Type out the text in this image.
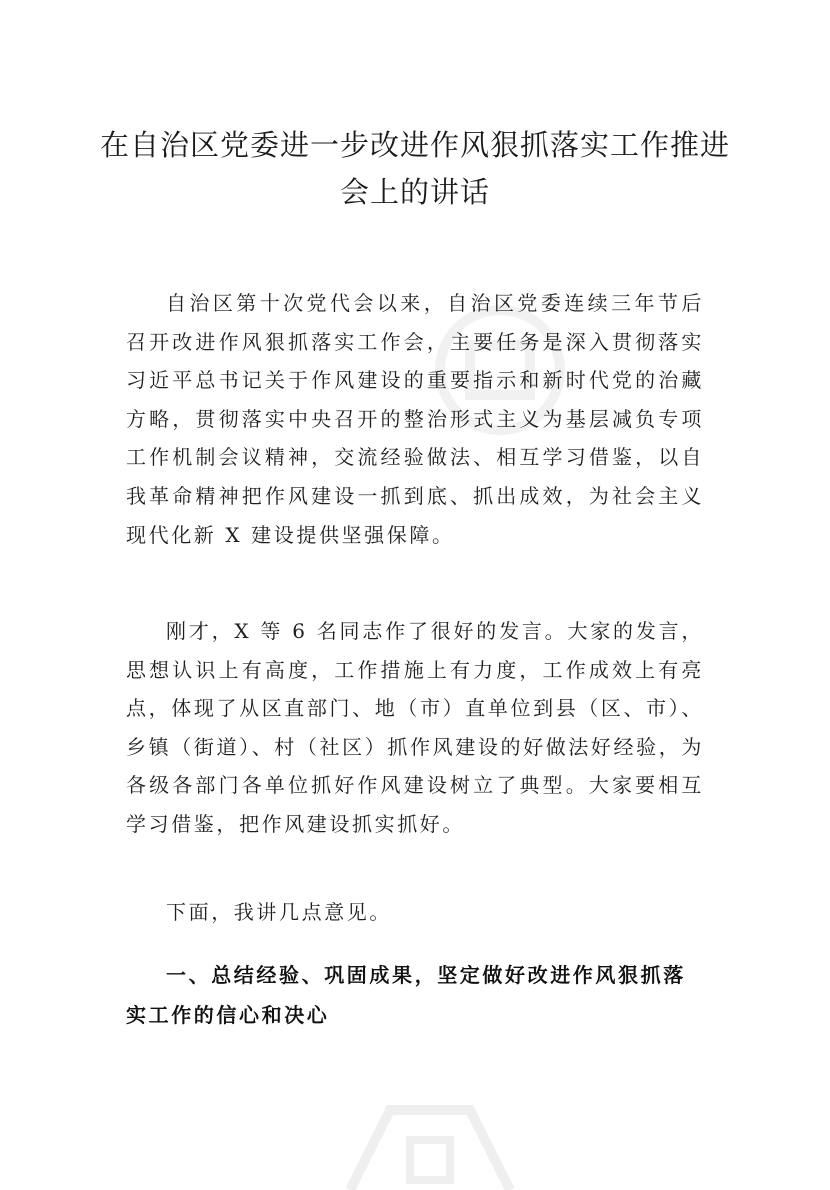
在自治区党委进一步改进作风狠抓落实工作推进会上的讲话

自治区第十次党代会以来，自治区党委连续三年节后召开改进作风狠抓落实工作会，主要任务是深入贯彻落实习近平总书记关于作风建设的重要指示和新时代党的治藏方略，贯彻落实中央召开的整治形式主义为基层减负专项工作机制会议精神，交流经验做法、相互学习借鉴，以自我革命精神把作风建设一抓到底、抓出成效，为社会主义现代化新 X 建设提供坚强保障。

刚才，X 等 6 名同志作了很好的发言。大家的发言，思想认识上有高度，工作措施上有力度，工作成效上有亮点，体现了从区直部门、地（市）直单位到县（区、市）、乡镇（街道）、村（社区）抓作风建设的好做法好经验，为各级各部门各单位抓好作风建设树立了典型。大家要相互学习借鉴，把作风建设抓实抓好。

下面，我讲几点意见。

一、总结经验、巩固成果，坚定做好改进作风狠抓落实工作的信心和决心
